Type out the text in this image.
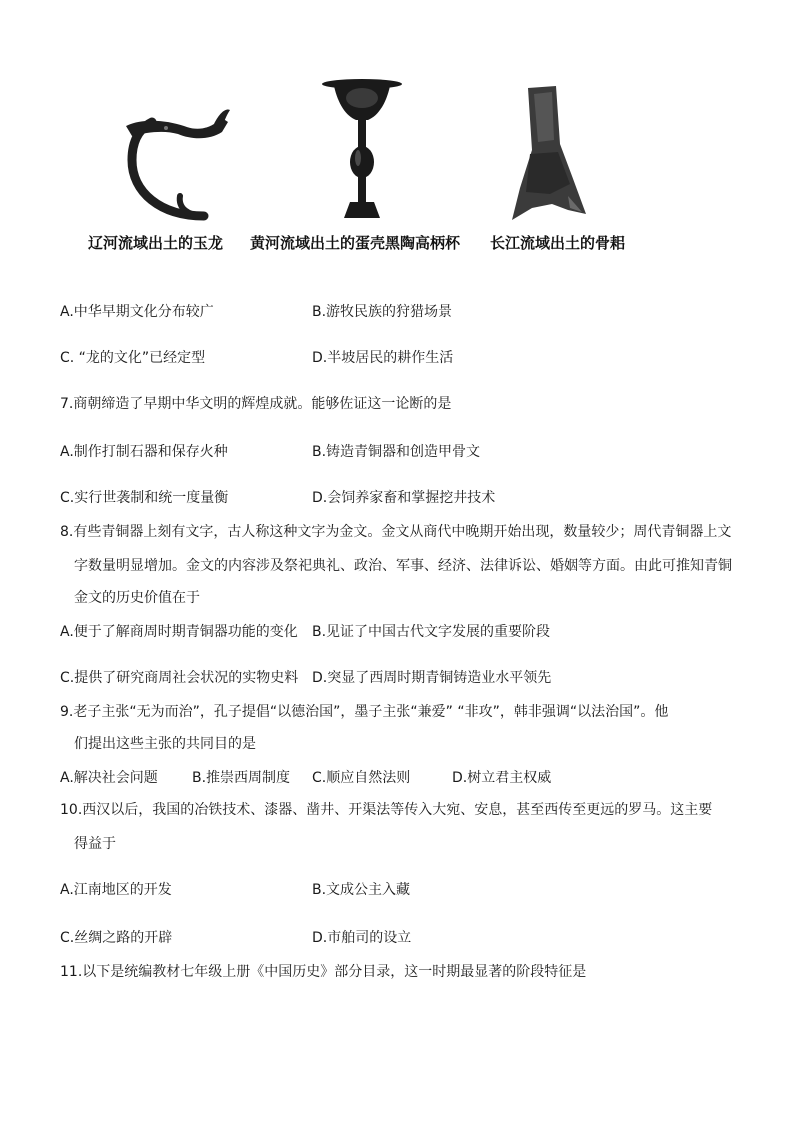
辽河流域出土的玉龙 黄河流域出土的蛋壳黑陶高柄杯 长江流域出土的骨耜
A.中华早期文化分布较广	B.游牧民族的狩猎场景
C. “龙的文化”已经定型	D.半坡居民的耕作生活
7.商朝缔造了早期中华文明的辉煌成就。能够佐证这一论断的是
A.制作打制石器和保存火种	B.铸造青铜器和创造甲骨文
C.实行世袭制和统一度量衡	D.会饲养家畜和掌握挖井技术
8.有些青铜器上刻有文字，古人称这种文字为金文。金文从商代中晚期开始出现，数量较少；周代青铜器上文
字数量明显增加。金文的内容涉及祭祀典礼、政治、军事、经济、法律诉讼、婚姻等方面。由此可推知青铜
金文的历史价值在于
A.便于了解商周时期青铜器功能的变化 B.见证了中国古代文字发展的重要阶段
C.提供了研究商周社会状况的实物史料 D.突显了西周时期青铜铸造业水平领先
9.老子主张“无为而治”，孔子提倡“以德治国”，墨子主张“兼爱” “非攻”，韩非强调“以法治国”。他
们提出这些主张的共同目的是
A.解决社会问题 B.推崇西周制度 C.顺应自然法则	D.树立君主权威
10.西汉以后，我国的冶铁技术、漆器、凿井、开渠法等传入大宛、安息，甚至西传至更远的罗马。这主要
得益于
A.江南地区的开发	B.文成公主入藏
C.丝绸之路的开辟	D.市舶司的设立
11.以下是统编教材七年级上册《中国历史》部分目录，这一时期最显著的阶段特征是
